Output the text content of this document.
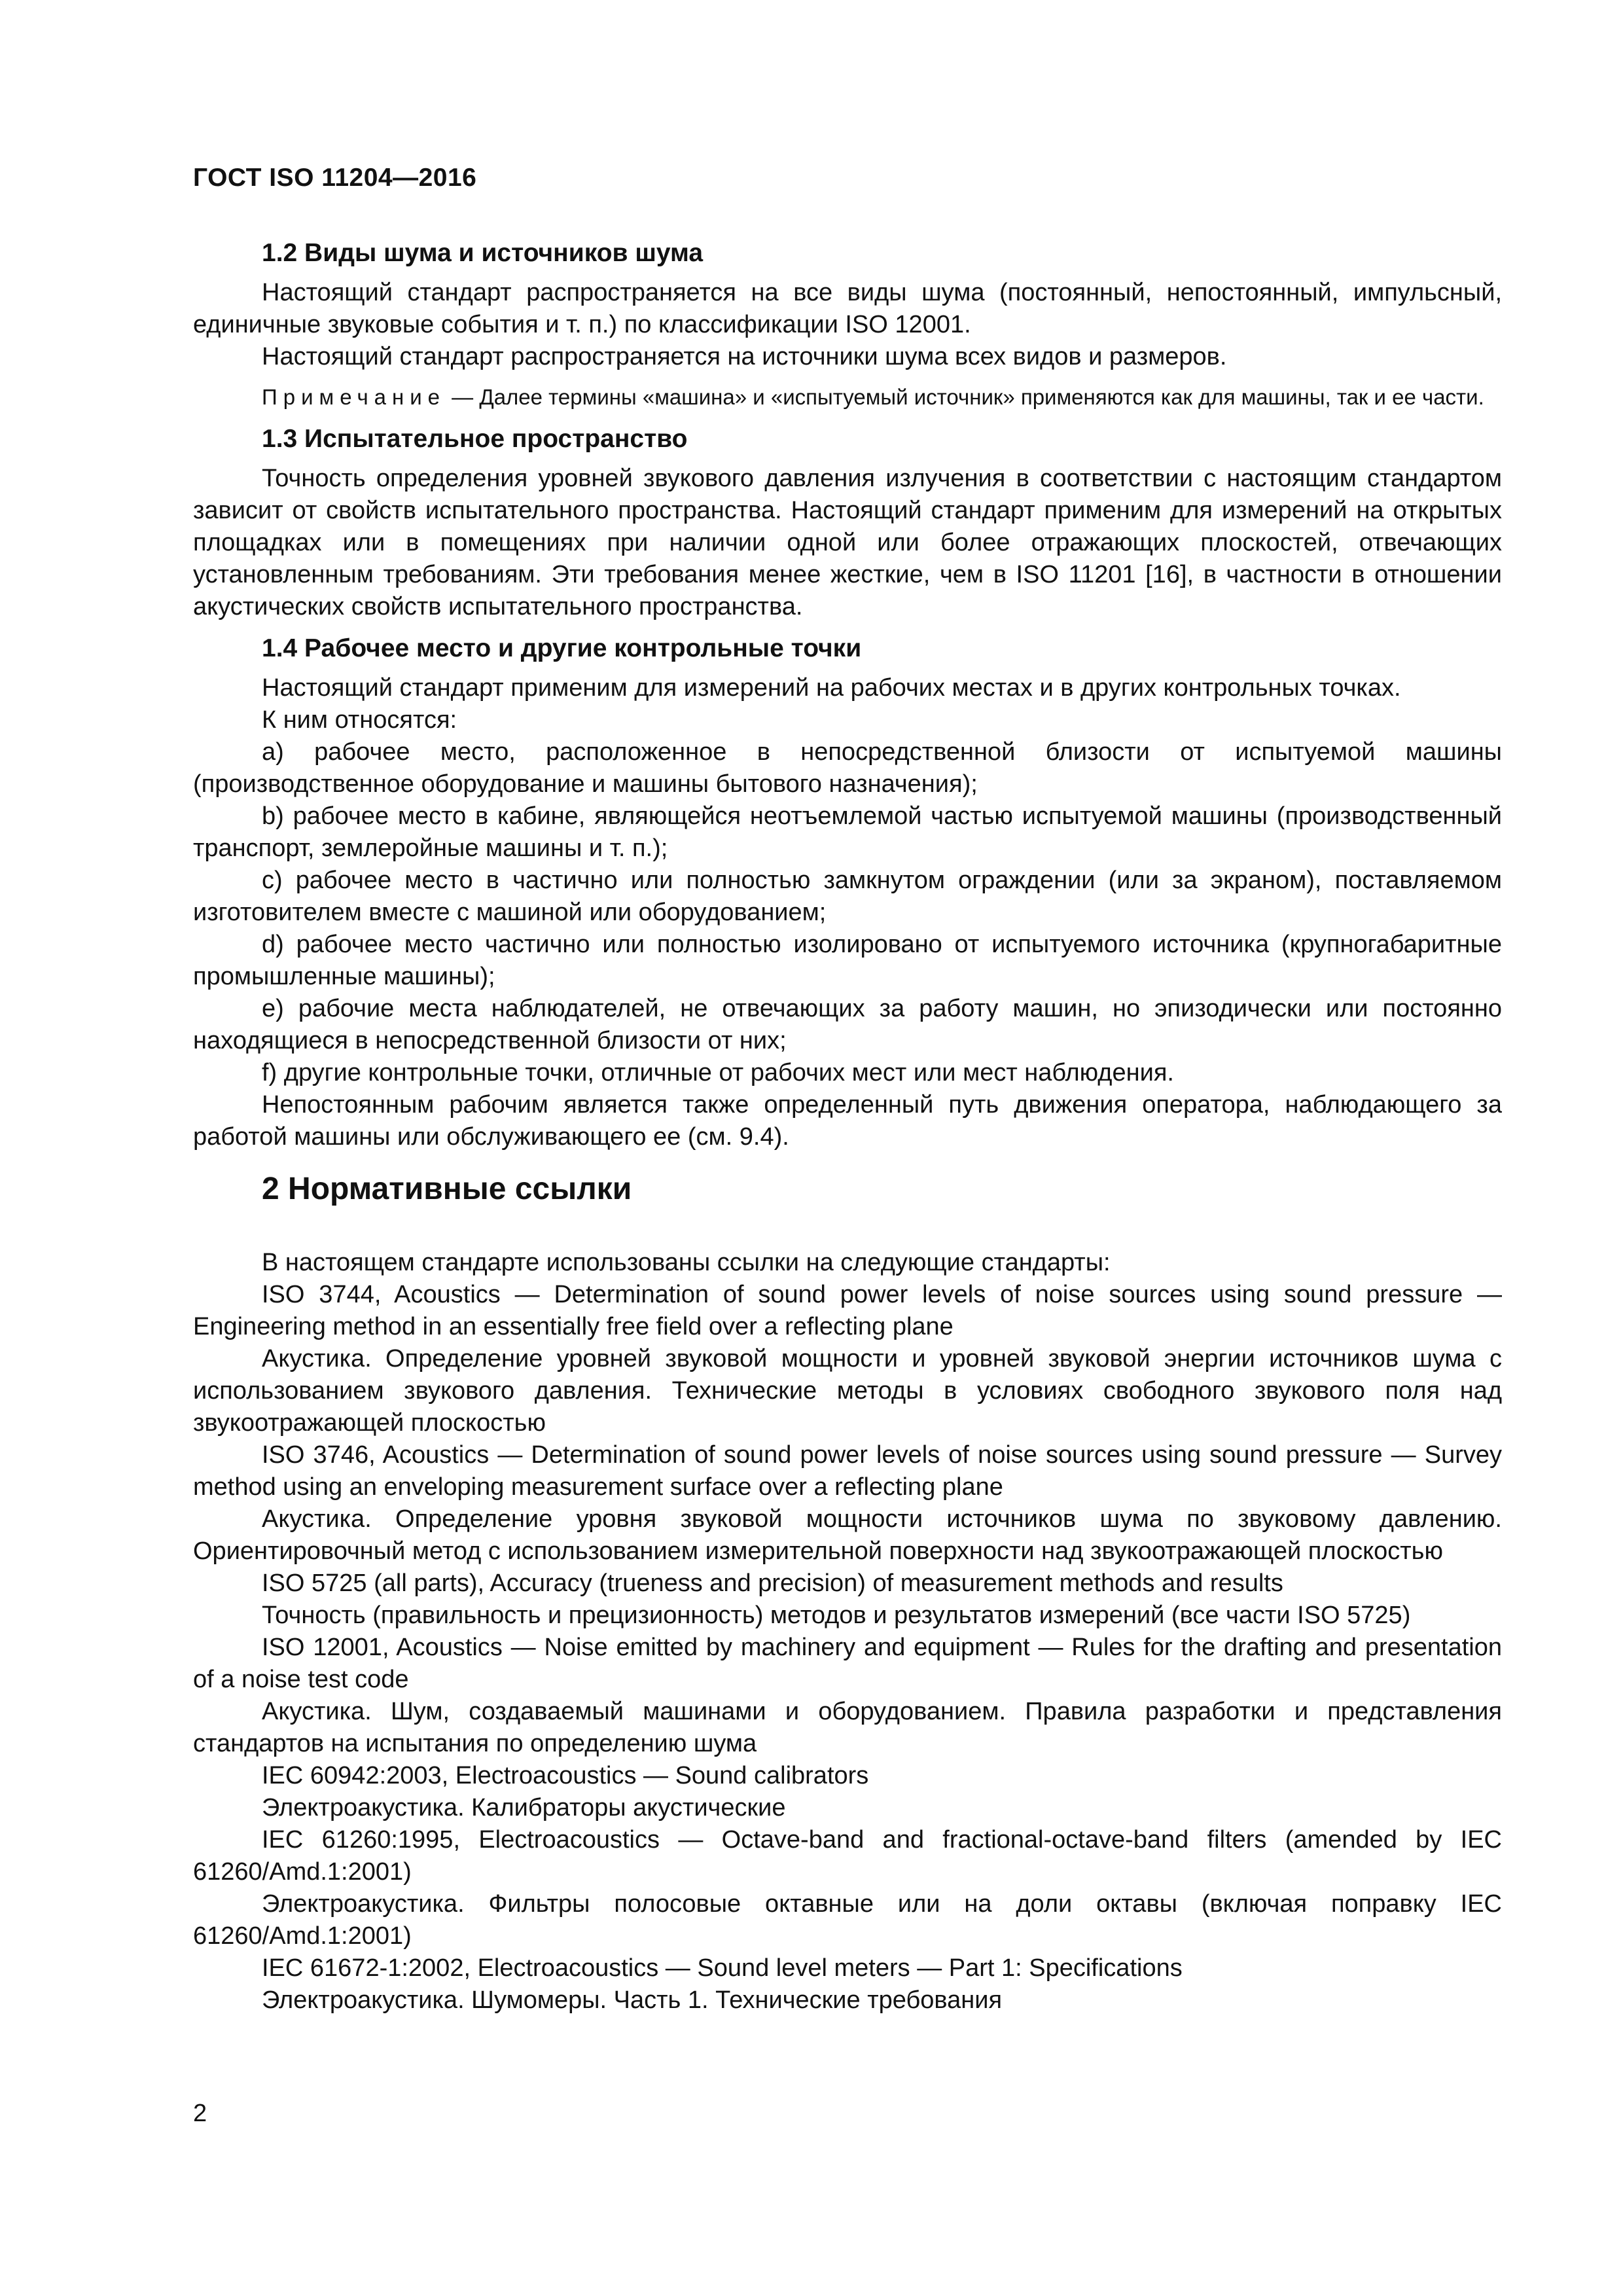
ГОСТ ISO 11204—2016

1.2 Виды шума и источников шума

Настоящий стандарт распространяется на все виды шума (постоянный, непостоянный, импульсный, единичные звуковые события и т. п.) по классификации ISO 12001.

Настоящий стандарт распространяется на источники шума всех видов и размеров.

Примечание — Далее термины «машина» и «испытуемый источник» применяются как для машины, так и ее части.

1.3 Испытательное пространство

Точность определения уровней звукового давления излучения в соответствии с настоящим стандартом зависит от свойств испытательного пространства. Настоящий стандарт применим для измерений на открытых площадках или в помещениях при наличии одной или более отражающих плоскостей, отвечающих установленным требованиям. Эти требования менее жесткие, чем в ISO 11201 [16], в частности в отношении акустических свойств испытательного пространства.

1.4 Рабочее место и другие контрольные точки

Настоящий стандарт применим для измерений на рабочих местах и в других контрольных точках.

К ним относятся:

a) рабочее место, расположенное в непосредственной близости от испытуемой машины (производственное оборудование и машины бытового назначения);

b) рабочее место в кабине, являющейся неотъемлемой частью испытуемой машины (производственный транспорт, землеройные машины и т. п.);

c) рабочее место в частично или полностью замкнутом ограждении (или за экраном), поставляемом изготовителем вместе с машиной или оборудованием;

d) рабочее место частично или полностью изолировано от испытуемого источника (крупногабаритные промышленные машины);

e) рабочие места наблюдателей, не отвечающих за работу машин, но эпизодически или постоянно находящиеся в непосредственной близости от них;

f) другие контрольные точки, отличные от рабочих мест или мест наблюдения.

Непостоянным рабочим является также определенный путь движения оператора, наблюдающего за работой машины или обслуживающего ее (см. 9.4).

2 Нормативные ссылки

В настоящем стандарте использованы ссылки на следующие стандарты:

ISO 3744, Acoustics — Determination of sound power levels of noise sources using sound pressure — Engineering method in an essentially free field over a reflecting plane

Акустика. Определение уровней звуковой мощности и уровней звуковой энергии источников шума с использованием звукового давления. Технические методы в условиях свободного звукового поля над звукоотражающей плоскостью

ISO 3746, Acoustics — Determination of sound power levels of noise sources using sound pressure — Survey method using an enveloping measurement surface over a reflecting plane

Акустика. Определение уровня звуковой мощности источников шума по звуковому давлению. Ориентировочный метод с использованием измерительной поверхности над звукоотражающей плоскостью

ISO 5725 (all parts), Accuracy (trueness and precision) of measurement methods and results

Точность (правильность и прецизионность) методов и результатов измерений (все части ISO 5725)

ISO 12001, Acoustics — Noise emitted by machinery and equipment — Rules for the drafting and presentation of a noise test code

Акустика. Шум, создаваемый машинами и оборудованием. Правила разработки и представления стандартов на испытания по определению шума

IEC 60942:2003, Electroacoustics — Sound calibrators

Электроакустика. Калибраторы акустические

IEC 61260:1995, Electroacoustics — Octave-band and fractional-octave-band filters (amended by IEC 61260/Amd.1:2001)

Электроакустика. Фильтры полосовые октавные или на доли октавы (включая поправку IEC 61260/Amd.1:2001)

IEC 61672-1:2002, Electroacoustics — Sound level meters — Part 1: Specifications

Электроакустика. Шумомеры. Часть 1. Технические требования

2
